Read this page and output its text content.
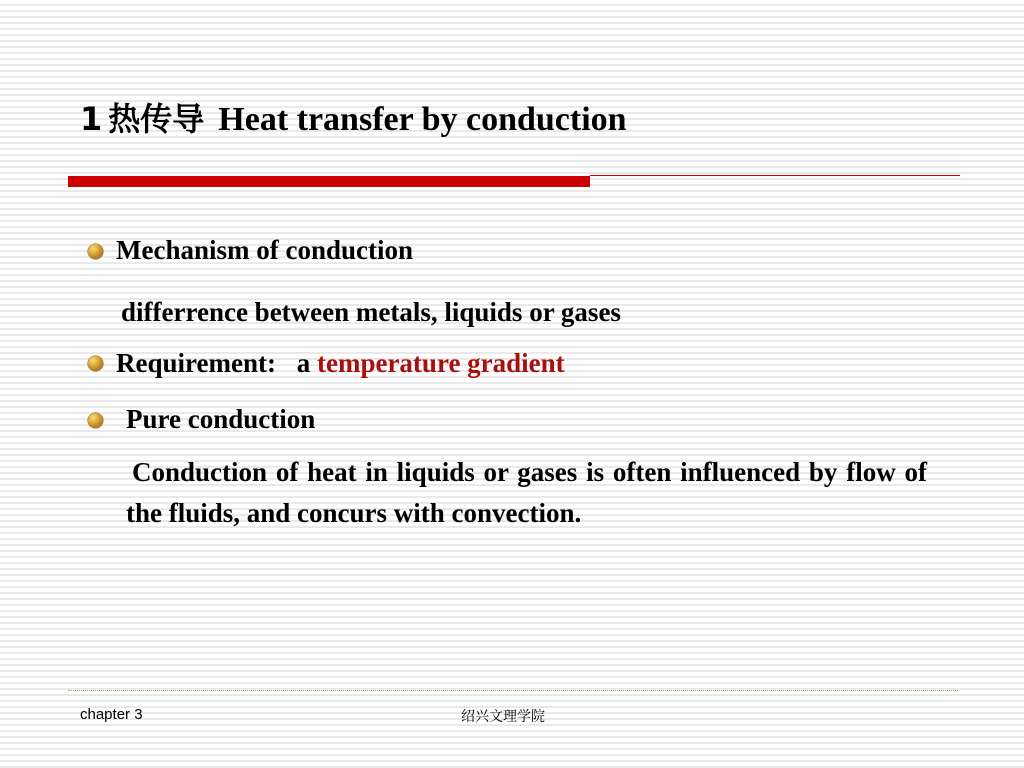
1 热传导 Heat transfer by conduction
Mechanism of conduction
differrence between metals, liquids or gases
Requirement: a temperature gradient
Pure conduction
Conduction of heat in liquids or gases is often influenced by flow of the fluids, and concurs with convection.
chapter 3	绍兴文理学院
